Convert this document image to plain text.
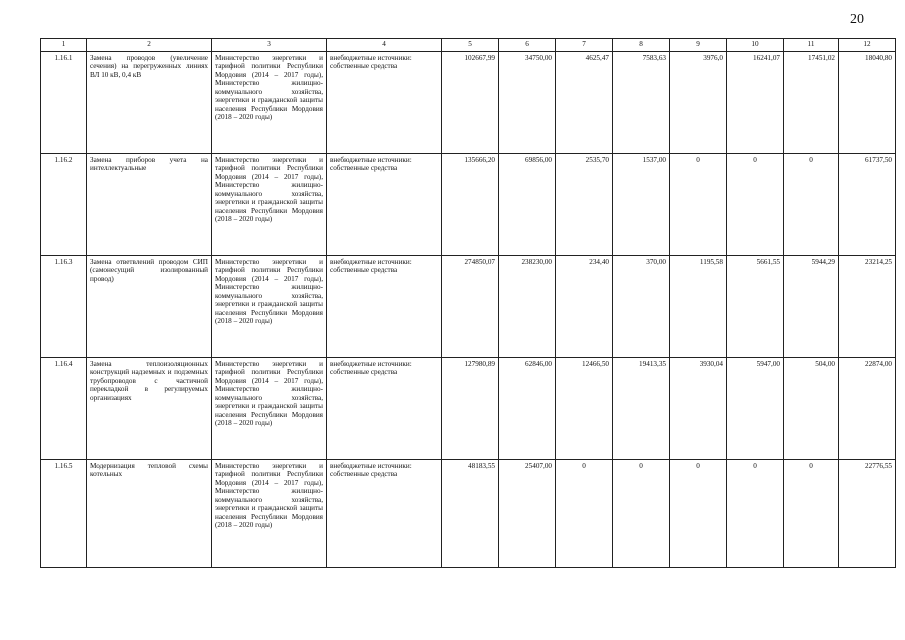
20
1	2	3	4	5	6	7	8	9	10	11	12
1.16.1	Замена проводов (увеличение сечения) на перегруженных линиях ВЛ 10 кВ, 0,4 кВ	Министерство энергетики и тарифной политики Республики Мордовия (2014 – 2017 годы), Министерство жилищно-коммунального хозяйства, энергетики и гражданской защиты населения Республики Мордовия (2018 – 2020 годы)	внебюджетные источники: собственные средства	102667,99	34750,00	4625,47	7583,63	3976,0	16241,07	17451,02	18040,80
1.16.2	Замена приборов учета на интеллектуальные	Министерство энергетики и тарифной политики Республики Мордовия (2014 – 2017 годы), Министерство жилищно-коммунального хозяйства, энергетики и гражданской защиты населения Республики Мордовия (2018 – 2020 годы)	внебюджетные источники: собственные средства	135666,20	69856,00	2535,70	1537,00	0	0	0	61737,50
1.16.3	Замена ответвлений проводом СИП (самонесущий изолированный провод)	Министерство энергетики и тарифной политики Республики Мордовия (2014 – 2017 годы), Министерство жилищно-коммунального хозяйства, энергетики и гражданской защиты населения Республики Мордовия (2018 – 2020 годы)	внебюджетные источники: собственные средства	274850,07	238230,00	234,40	370,00	1195,58	5661,55	5944,29	23214,25
1.16.4	Замена теплоизоляционных конструкций надземных и подземных трубопроводов с частичной перекладкой в регулируемых организациях	Министерство энергетики и тарифной политики Республики Мордовия (2014 – 2017 годы), Министерство жилищно-коммунального хозяйства, энергетики и гражданской защиты населения Республики Мордовия (2018 – 2020 годы)	внебюджетные источники: собственные средства	127980,89	62846,00	12466,50	19413,35	3930,04	5947,00	504,00	22874,00
1.16.5	Модернизация тепловой схемы котельных	Министерство энергетики и тарифной политики Республики Мордовия (2014 – 2017 годы), Министерство жилищно-коммунального хозяйства, энергетики и гражданской защиты населения Республики Мордовия (2018 – 2020 годы)	внебюджетные источники: собственные средства	48183,55	25407,00	0	0	0	0	0	22776,55
